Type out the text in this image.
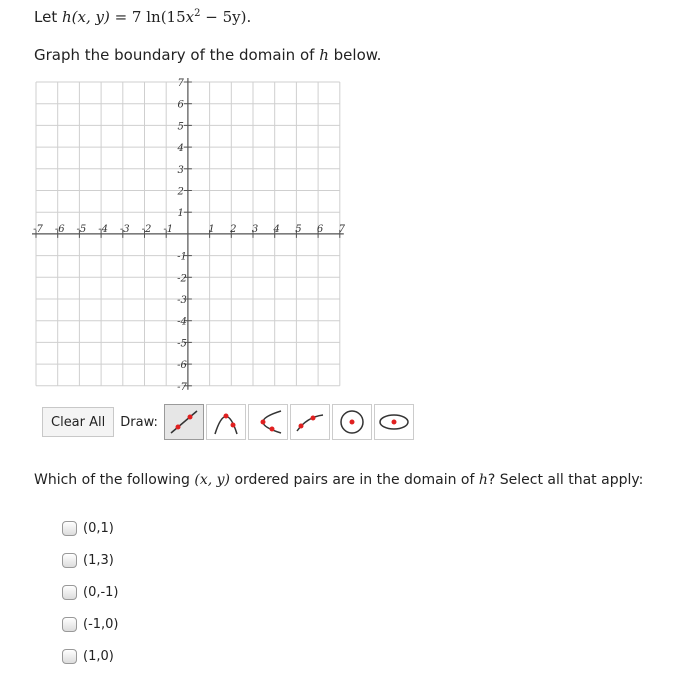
Let h(x, y) = 7 $\ln(15x^2 - 5y)$.
Graph the boundary of the domain of h below.
-7 -6 -5 -4 -3 -2 -1	1 2 3 4 5 6 7
7
6
5
4
3
2
1
-1
-2
-3
-4
-5
-6
-7
Clear All	Draw:
Which of the following (x, y) ordered pairs are in the domain of h? Select all that apply:
(0,1)
(1,3)
(0,-1)
(-1,0)
(1,0)
